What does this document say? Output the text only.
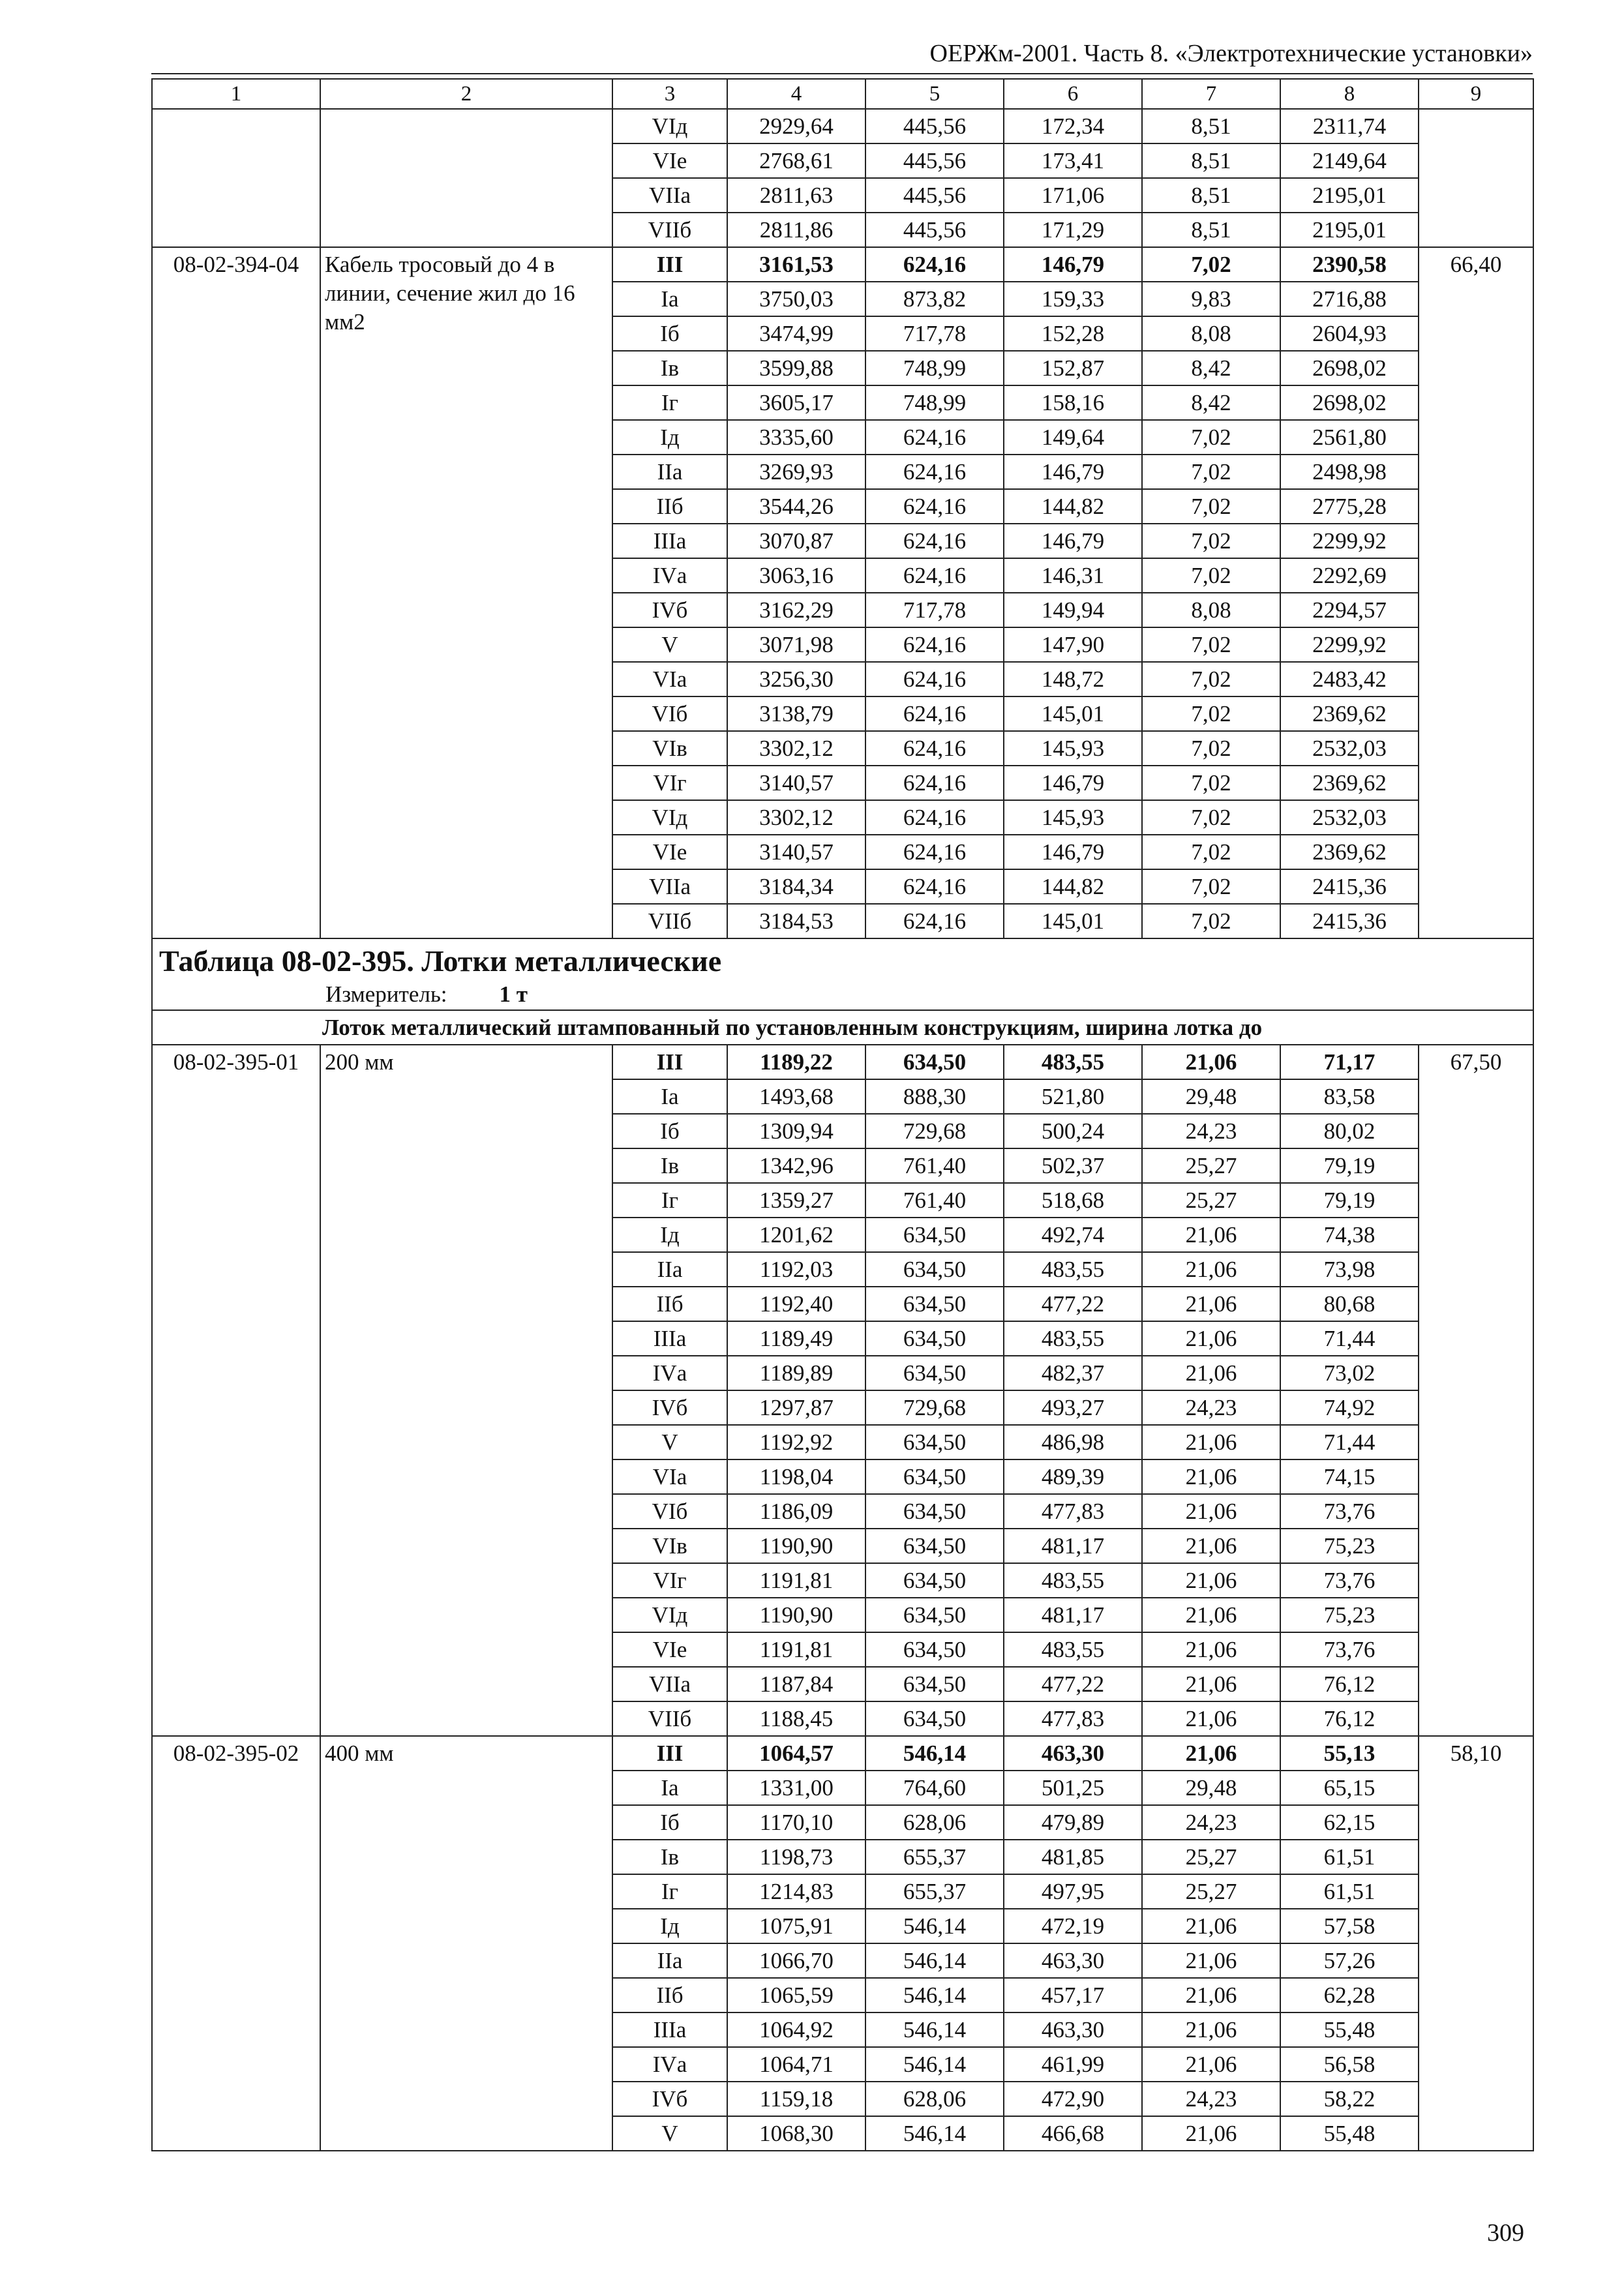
ОЕРЖм-2001. Часть 8. «Электротехнические установки»
1	2	3	4	5	6	7	8	9
		VIд	2929,64	445,56	172,34	8,51	2311,74	
		VIе	2768,61	445,56	173,41	8,51	2149,64	
		VIIа	2811,63	445,56	171,06	8,51	2195,01	
		VIIб	2811,86	445,56	171,29	8,51	2195,01	
08-02-394-04	Кабель тросовый до 4 в линии, сечение жил до 16 мм2	III	3161,53	624,16	146,79	7,02	2390,58	66,40
		Iа	3750,03	873,82	159,33	9,83	2716,88	
		Iб	3474,99	717,78	152,28	8,08	2604,93	
		Iв	3599,88	748,99	152,87	8,42	2698,02	
		Iг	3605,17	748,99	158,16	8,42	2698,02	
		Iд	3335,60	624,16	149,64	7,02	2561,80	
		IIа	3269,93	624,16	146,79	7,02	2498,98	
		IIб	3544,26	624,16	144,82	7,02	2775,28	
		IIIа	3070,87	624,16	146,79	7,02	2299,92	
		IVа	3063,16	624,16	146,31	7,02	2292,69	
		IVб	3162,29	717,78	149,94	8,08	2294,57	
		V	3071,98	624,16	147,90	7,02	2299,92	
		VIа	3256,30	624,16	148,72	7,02	2483,42	
		VIб	3138,79	624,16	145,01	7,02	2369,62	
		VIв	3302,12	624,16	145,93	7,02	2532,03	
		VIг	3140,57	624,16	146,79	7,02	2369,62	
		VIд	3302,12	624,16	145,93	7,02	2532,03	
		VIе	3140,57	624,16	146,79	7,02	2369,62	
		VIIа	3184,34	624,16	144,82	7,02	2415,36	
		VIIб	3184,53	624,16	145,01	7,02	2415,36	

Таблица 08-02-395. Лотки металлические
Измеритель: 1 т								

Лоток металлический штампованный по установленным конструкциям, ширина лотка до								
08-02-395-01	200 мм	III	1189,22	634,50	483,55	21,06	71,17	67,50
		Iа	1493,68	888,30	521,80	29,48	83,58	
		Iб	1309,94	729,68	500,24	24,23	80,02	
		Iв	1342,96	761,40	502,37	25,27	79,19	
		Iг	1359,27	761,40	518,68	25,27	79,19	
		Iд	1201,62	634,50	492,74	21,06	74,38	
		IIа	1192,03	634,50	483,55	21,06	73,98	
		IIб	1192,40	634,50	477,22	21,06	80,68	
		IIIа	1189,49	634,50	483,55	21,06	71,44	
		IVа	1189,89	634,50	482,37	21,06	73,02	
		IVб	1297,87	729,68	493,27	24,23	74,92	
		V	1192,92	634,50	486,98	21,06	71,44	
		VIа	1198,04	634,50	489,39	21,06	74,15	
		VIб	1186,09	634,50	477,83	21,06	73,76	
		VIв	1190,90	634,50	481,17	21,06	75,23	
		VIг	1191,81	634,50	483,55	21,06	73,76	
		VIд	1190,90	634,50	481,17	21,06	75,23	
		VIе	1191,81	634,50	483,55	21,06	73,76	
		VIIа	1187,84	634,50	477,22	21,06	76,12	
		VIIб	1188,45	634,50	477,83	21,06	76,12	
08-02-395-02	400 мм	III	1064,57	546,14	463,30	21,06	55,13	58,10
		Iа	1331,00	764,60	501,25	29,48	65,15	
		Iб	1170,10	628,06	479,89	24,23	62,15	
		Iв	1198,73	655,37	481,85	25,27	61,51	
		Iг	1214,83	655,37	497,95	25,27	61,51	
		Iд	1075,91	546,14	472,19	21,06	57,58	
		IIа	1066,70	546,14	463,30	21,06	57,26	
		IIб	1065,59	546,14	457,17	21,06	62,28	
		IIIа	1064,92	546,14	463,30	21,06	55,48	
		IVа	1064,71	546,14	461,99	21,06	56,58	
		IVб	1159,18	628,06	472,90	24,23	58,22	
		V	1068,30	546,14	466,68	21,06	55,48	
309
